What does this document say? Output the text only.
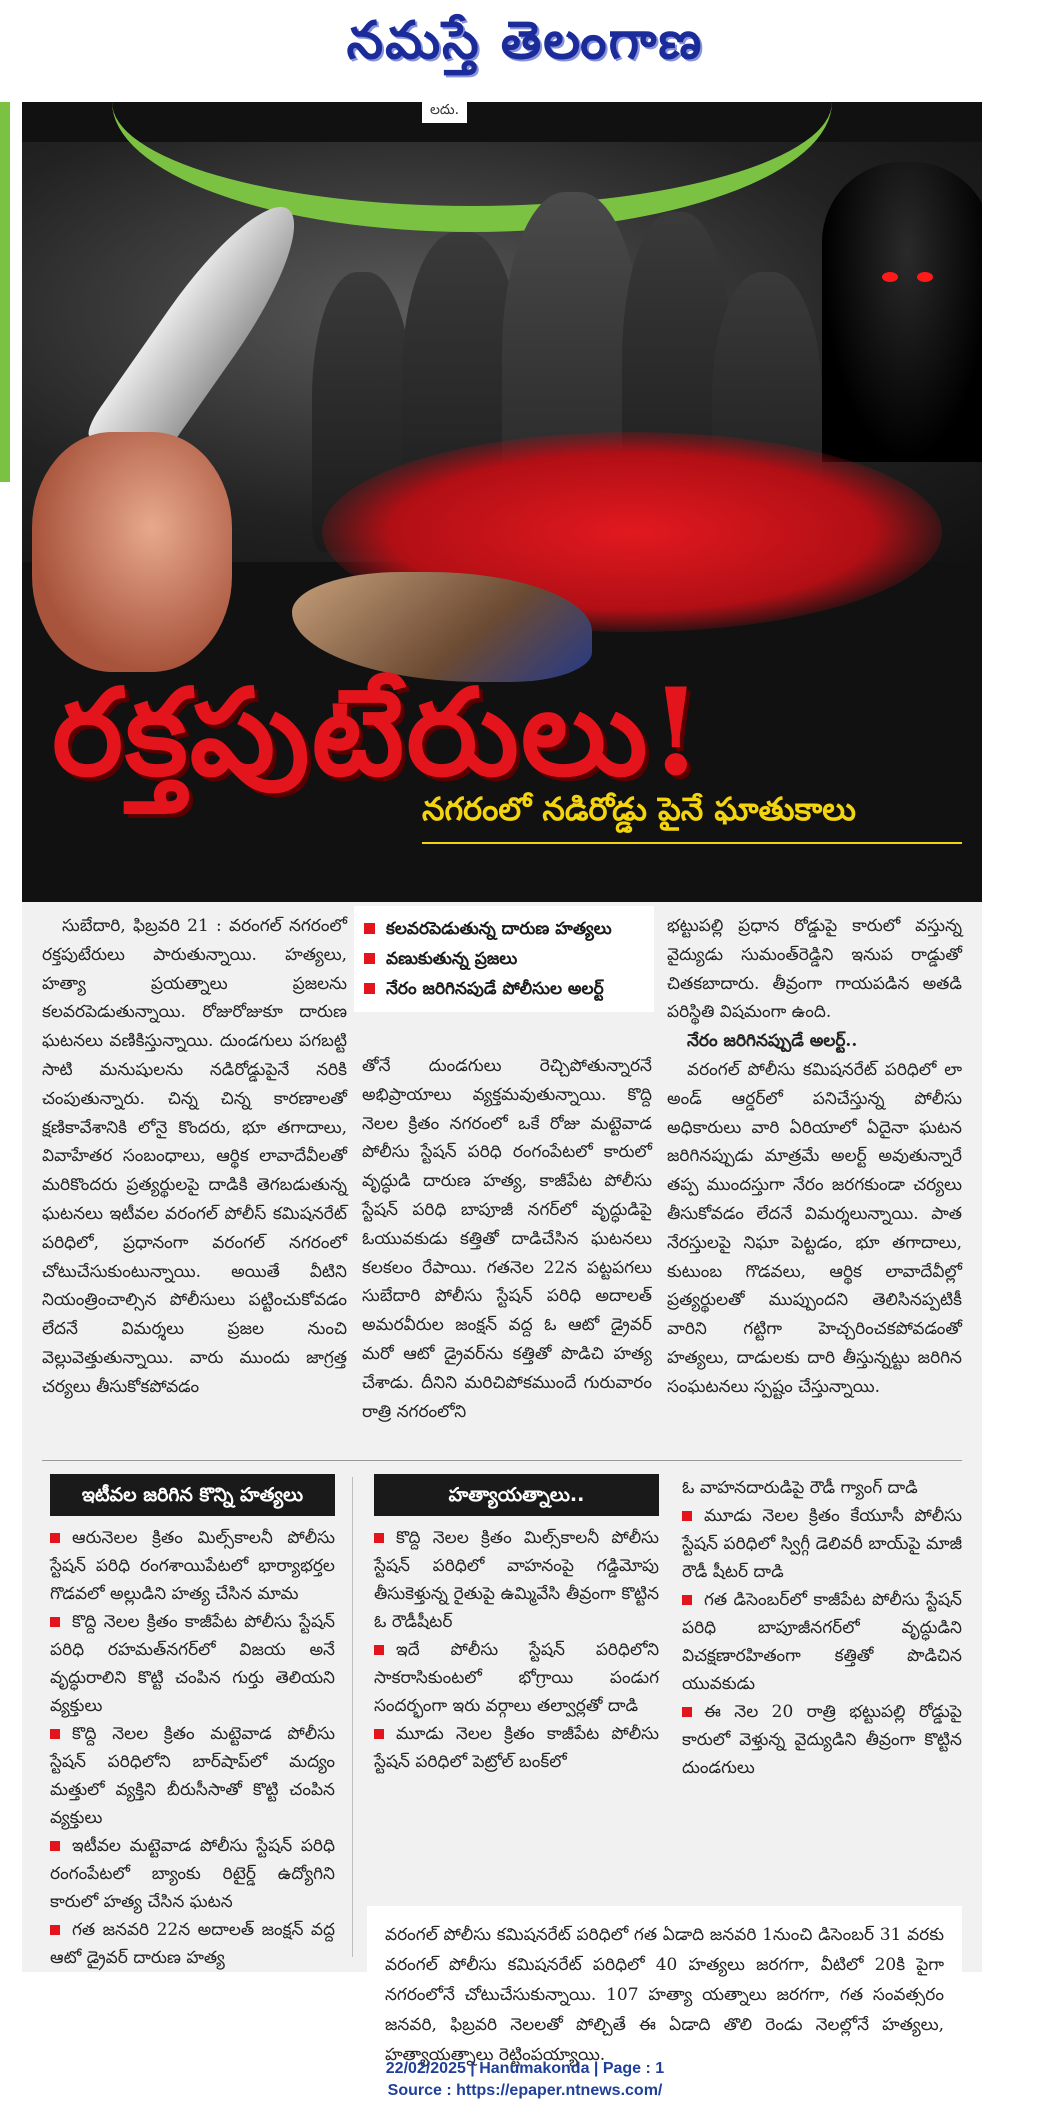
నమస్తే తెలంగాణ
లదు.
రక్తపుటేరులు!
నగరంలో నడిరోడ్డు పైనే ఘాతుకాలు

సుబేదారి, ఫిబ్రవరి 21 : వరంగల్ నగరంలో రక్తపుటేరులు పారుతున్నాయి. హత్యలు, హత్యా ప్రయత్నాలు ప్రజలను కలవరపెడుతున్నాయి. రోజురోజుకూ దారుణ ఘటనలు వణికిస్తున్నాయి. దుండగులు పగబట్టి సాటి మనుషులను నడిరోడ్డుపైనే నరికి చంపుతున్నారు. చిన్న చిన్న కారణాలతో క్షణికావేశానికి లోనై కొందరు, భూ తగాదాలు, వివాహేతర సంబంధాలు, ఆర్థిక లావాదేవీలతో మరికొందరు ప్రత్యర్థులపై దాడికి తెగబడుతున్న ఘటనలు ఇటీవల వరంగల్ పోలీస్ కమిషనరేట్ పరిధిలో, ప్రధానంగా వరంగల్ నగరంలో చోటుచేసుకుంటున్నాయి. అయితే వీటిని నియంత్రించాల్సిన పోలీసులు పట్టించుకోవడం లేదనే విమర్శలు ప్రజల నుంచి వెల్లువెత్తుతున్నాయి. వారు ముందు జాగ్రత్త చర్యలు తీసుకోకపోవడం

కలవరపెడుతున్న దారుణ హత్యలు
వణుకుతున్న ప్రజలు
నేరం జరిగినపుడే పోలీసుల అలర్ట్

తోనే దుండగులు రెచ్చిపోతున్నారనే అభిప్రాయాలు వ్యక్తమవుతున్నాయి. కొద్ది నెలల క్రితం నగరంలో ఒకే రోజు మట్టెవాడ పోలీసు స్టేషన్ పరిధి రంగంపేటలో కారులో వృద్ధుడి దారుణ హత్య, కాజీపేట పోలీసు స్టేషన్ పరిధి బాపూజీ నగర్‌లో వృద్ధుడిపై ఓయువకుడు కత్తితో దాడిచేసిన ఘటనలు కలకలం రేపాయి. గతనెల 22న పట్టపగలు సుబేదారి పోలీసు స్టేషన్ పరిధి అదాలత్ అమరవీరుల జంక్షన్ వద్ద ఓ ఆటో డ్రైవర్ మరో ఆటో డ్రైవర్‌ను కత్తితో పొడిచి హత్య చేశాడు. దీనిని మరిచిపోకముందే గురువారం రాత్రి నగరంలోని

భట్టుపల్లి ప్రధాన రోడ్డుపై కారులో వస్తున్న వైద్యుడు సుమంత్‌రెడ్డిని ఇనుప రాడ్డుతో చితకబాదారు. తీవ్రంగా గాయపడిన అతడి పరిస్థితి విషమంగా ఉంది.

నేరం జరిగినప్పుడే అలర్ట్..

వరంగల్ పోలీసు కమిషనరేట్ పరిధిలో లా అండ్ ఆర్డర్‌లో పనిచేస్తున్న పోలీసు అధికారులు వారి ఏరియాలో ఏదైనా ఘటన జరిగినప్పుడు మాత్రమే అలర్ట్ అవుతున్నారే తప్ప ముందస్తుగా నేరం జరగకుండా చర్యలు తీసుకోవడం లేదనే విమర్శలున్నాయి. పాత నేరస్తులపై నిఘా పెట్టడం, భూ తగాదాలు, కుటుంబ గొడవలు, ఆర్థిక లావాదేవీల్లో ప్రత్యర్థులతో ముప్పుందని తెలిసినప్పటికీ వారిని గట్టిగా హెచ్చరించకపోవడంతో హత్యలు, దాడులకు దారి తీస్తున్నట్టు జరిగిన సంఘటనలు స్పష్టం చేస్తున్నాయి.

ఇటీవల జరిగిన కొన్ని హత్యలు
ఆరునెలల క్రితం మిల్స్‌కాలనీ పోలీసు స్టేషన్ పరిధి రంగశాయిపేటలో భార్యాభర్తల గొడవలో అల్లుడిని హత్య చేసిన మామ
కొద్ది నెలల క్రితం కాజీపేట పోలీసు స్టేషన్ పరిధి రహమత్‌నగర్‌లో విజయ అనే వృద్ధురాలిని కొట్టి చంపిన గుర్తు తెలియని వ్యక్తులు
కొద్ది నెలల క్రితం మట్టెవాడ పోలీసు స్టేషన్ పరిధిలోని బార్‌షాప్‌లో మద్యం మత్తులో వ్యక్తిని బీరుసీసాతో కొట్టి చంపిన వ్యక్తులు
ఇటీవల మట్టెవాడ పోలీసు స్టేషన్ పరిధి రంగంపేటలో బ్యాంకు రిటైర్డ్ ఉద్యోగిని కారులో హత్య చేసిన ఘటన
గత జనవరి 22న అదాలత్ జంక్షన్ వద్ద ఆటో డ్రైవర్ దారుణ హత్య
హత్యాయత్నాలు..
కొద్ది నెలల క్రితం మిల్స్‌కాలనీ పోలీసు స్టేషన్ పరిధిలో వాహనంపై గడ్డిమోపు తీసుకెళ్తున్న రైతుపై ఉమ్మివేసి తీవ్రంగా కొట్టిన ఓ రౌడీషీటర్
ఇదే పోలీసు స్టేషన్ పరిధిలోని సాకరాసికుంటలో భోగ్రాయి పండుగ సందర్భంగా ఇరు వర్గాలు తల్వార్లతో దాడి
మూడు నెలల క్రితం కాజీపేట పోలీసు స్టేషన్ పరిధిలో పెట్రోల్ బంక్‌లో
ఓ వాహనదారుడిపై రౌడీ గ్యాంగ్ దాడి
మూడు నెలల క్రితం కేయూసీ పోలీసు స్టేషన్ పరిధిలో స్విగ్గీ డెలివరీ బాయ్‌పై మాజీ రౌడీ షీటర్ దాడి
గత డిసెంబర్‌లో కాజీపేట పోలీసు స్టేషన్ పరిధి బాపూజీనగర్‌లో వృద్ధుడిని విచక్షణారహితంగా కత్తితో పొడిచిన యువకుడు
ఈ నెల 20 రాత్రి భట్టుపల్లి రోడ్డుపై కారులో వెళ్తున్న వైద్యుడిని తీవ్రంగా కొట్టిన దుండగులు
వరంగల్ పోలీసు కమిషనరేట్ పరిధిలో గత ఏడాది జనవరి 1నుంచి డిసెంబర్ 31 వరకు వరంగల్ పోలీసు కమిషనరేట్ పరిధిలో 40 హత్యలు జరగగా, వీటిలో 20కి పైగా నగరంలోనే చోటుచేసుకున్నాయి. 107 హత్యా యత్నాలు జరగగా, గత సంవత్సరం జనవరి, ఫిబ్రవరి నెలలతో పోల్చితే ఈ ఏడాది తొలి రెండు నెలల్లోనే హత్యలు, హత్యాయత్నాలు రెట్టింపయ్యాయి.
22/02/2025 | Hanumakonda | Page : 1
Source : https://epaper.ntnews.com/
